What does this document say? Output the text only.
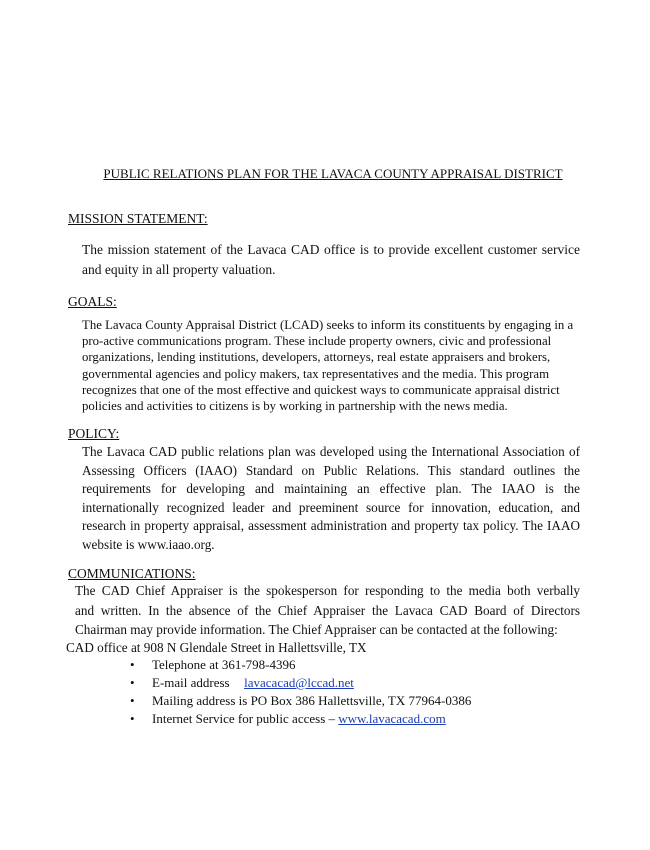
PUBLIC RELATIONS PLAN FOR THE LAVACA COUNTY APPRAISAL DISTRICT
MISSION STATEMENT:
The mission statement of the Lavaca CAD office is to provide excellent customer service and equity in all property valuation.
GOALS:
The Lavaca County Appraisal District (LCAD) seeks to inform its constituents by engaging in a pro-active communications program. These include property owners, civic and professional organizations, lending institutions, developers, attorneys, real estate appraisers and brokers, governmental agencies and policy makers, tax representatives and the media. This program recognizes that one of the most effective and quickest ways to communicate appraisal district policies and activities to citizens is by working in partnership with the news media.
POLICY:
The Lavaca CAD public relations plan was developed using the International Association of Assessing Officers (IAAO) Standard on Public Relations. This standard outlines the requirements for developing and maintaining an effective plan. The IAAO is the internationally recognized leader and preeminent source for innovation, education, and research in property appraisal, assessment administration and property tax policy. The IAAO website is www.iaao.org.
COMMUNICATIONS:
The CAD Chief Appraiser is the spokesperson for responding to the media both verbally
and written. In the absence of the Chief Appraiser the Lavaca CAD Board of Directors
Chairman may provide information. The Chief Appraiser can be contacted at the following:
CAD office at 908 N Glendale Street in Hallettsville, TX
• Telephone at 361-798-4396
• E-mail address lavacacad@lccad.net
• Mailing address is PO Box 386 Hallettsville, TX 77964-0386
• Internet Service for public access – www.lavacacad.com
